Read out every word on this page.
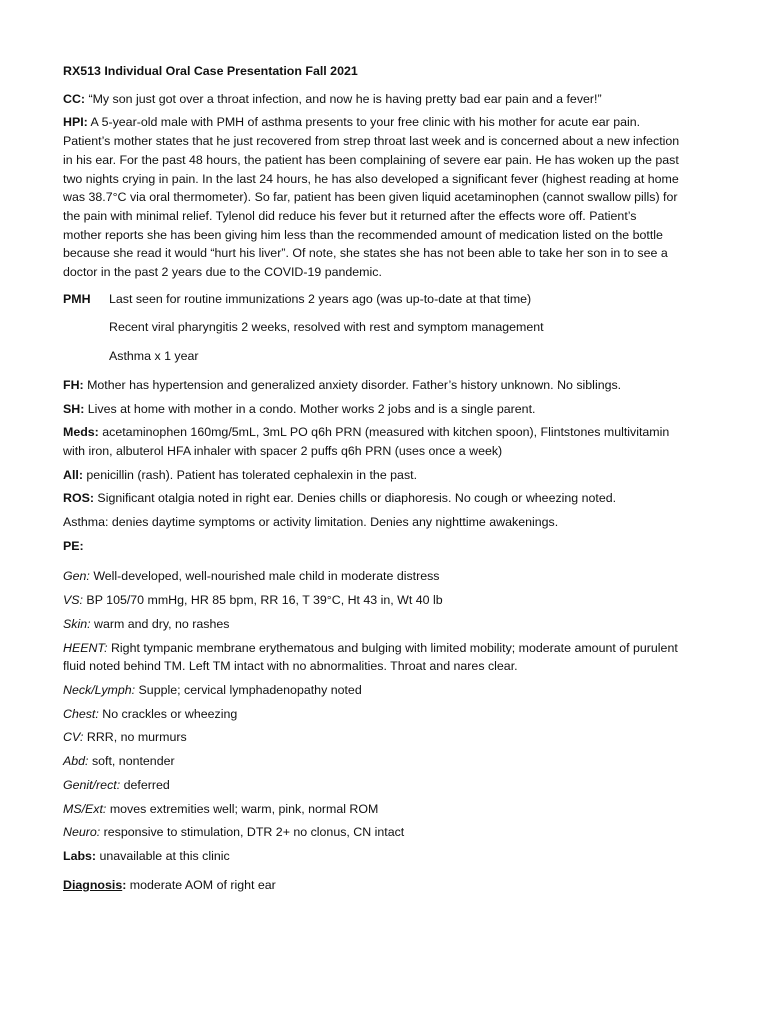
RX513 Individual Oral Case Presentation Fall 2021

CC: “My son just got over a throat infection, and now he is having pretty bad ear pain and a fever!”

HPI: A 5-year-old male with PMH of asthma presents to your free clinic with his mother for acute ear pain.

Patient’s mother states that he just recovered from strep throat last week and is concerned about a new infection

in his ear. For the past 48 hours, the patient has been complaining of severe ear pain. He has woken up the past

two nights crying in pain. In the last 24 hours, he has also developed a significant fever (highest reading at home

was 38.7°C via oral thermometer). So far, patient has been given liquid acetaminophen (cannot swallow pills) for

the pain with minimal relief. Tylenol did reduce his fever but it returned after the effects wore off. Patient’s

mother reports she has been giving him less than the recommended amount of medication listed on the bottle

because she read it would “hurt his liver”. Of note, she states she has not been able to take her son in to see a

doctor in the past 2 years due to the COVID-19 pandemic.

PMH	Last seen for routine immunizations 2 years ago (was up-to-date at that time)

Recent viral pharyngitis 2 weeks, resolved with rest and symptom management

Asthma x 1 year

FH: Mother has hypertension and generalized anxiety disorder. Father’s history unknown. No siblings.

SH: Lives at home with mother in a condo. Mother works 2 jobs and is a single parent.

Meds: acetaminophen 160mg/5mL, 3mL PO q6h PRN (measured with kitchen spoon), Flintstones multivitamin

with iron, albuterol HFA inhaler with spacer 2 puffs q6h PRN (uses once a week)

All: penicillin (rash). Patient has tolerated cephalexin in the past.

ROS: Significant otalgia noted in right ear. Denies chills or diaphoresis. No cough or wheezing noted.

Asthma: denies daytime symptoms or activity limitation. Denies any nighttime awakenings.

PE:

Gen: Well-developed, well-nourished male child in moderate distress

VS: BP 105/70 mmHg, HR 85 bpm, RR 16, T 39°C, Ht 43 in, Wt 40 lb

Skin: warm and dry, no rashes

HEENT: Right tympanic membrane erythematous and bulging with limited mobility; moderate amount of purulent

fluid noted behind TM. Left TM intact with no abnormalities. Throat and nares clear.

Neck/Lymph: Supple; cervical lymphadenopathy noted

Chest: No crackles or wheezing

CV: RRR, no murmurs

Abd: soft, nontender

Genit/rect: deferred

MS/Ext: moves extremities well; warm, pink, normal ROM

Neuro: responsive to stimulation, DTR 2+ no clonus, CN intact

Labs: unavailable at this clinic

Diagnosis: moderate AOM of right ear
